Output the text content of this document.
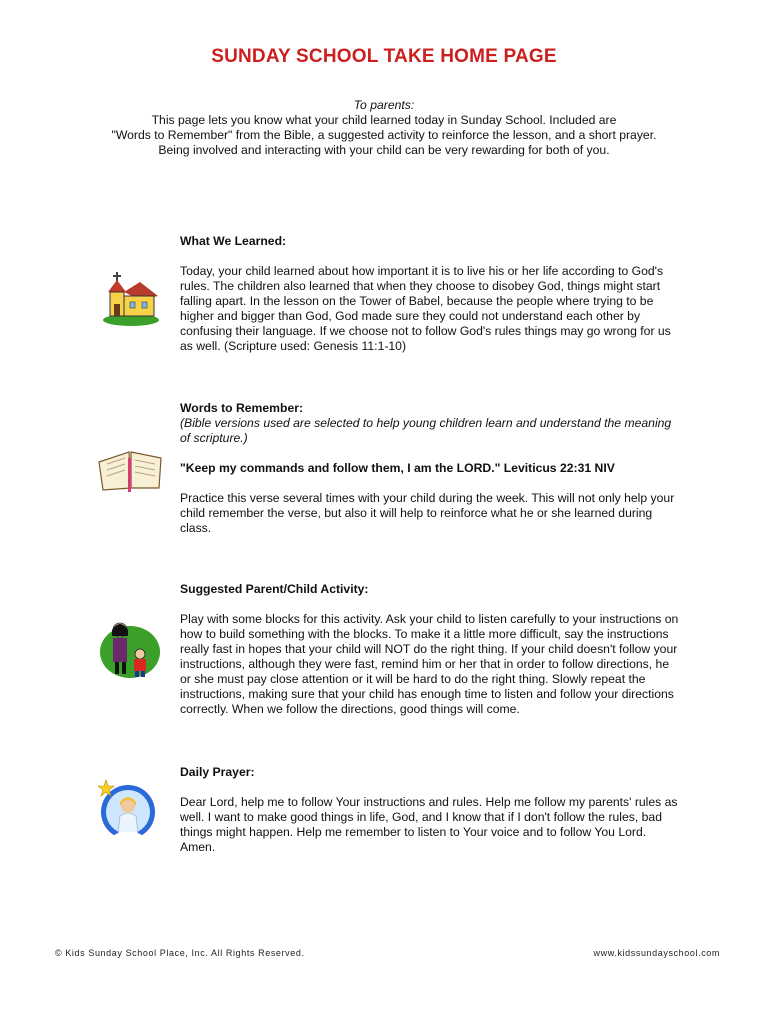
SUNDAY SCHOOL TAKE HOME PAGE
To parents:
This page lets you know what your child learned today in Sunday School. Included are
"Words to Remember" from the Bible, a suggested activity to reinforce the lesson, and a short prayer.
Being involved and interacting with your child can be very rewarding for both of you.
What We Learned:

Today, your child learned about how important it is to live his or her life according to God's rules. The children also learned that when they choose to disobey God, things might start falling apart. In the lesson on the Tower of Babel, because the people where trying to be higher and bigger than God, God made sure they could not understand each other by confusing their language. If we choose not to follow God's rules things may go wrong for us as well. (Scripture used: Genesis 11:1-10)

Words to Remember:
(Bible versions used are selected to help young children learn and understand the meaning of scripture.)
"Keep my commands and follow them, I am the LORD." Leviticus 22:31 NIV

Practice this verse several times with your child during the week. This will not only help your child remember the verse, but also it will help to reinforce what he or she learned during class.

Suggested Parent/Child Activity:

Play with some blocks for this activity. Ask your child to listen carefully to your instructions on how to build something with the blocks. To make it a little more difficult, say the instructions really fast in hopes that your child will NOT do the right thing. If your child doesn't follow your instructions, although they were fast, remind him or her that in order to follow directions, he or she must pay close attention or it will be hard to do the right thing. Slowly repeat the instructions, making sure that your child has enough time to listen and follow your directions correctly. When we follow the directions, good things will come.

Daily Prayer:

Dear Lord, help me to follow Your instructions and rules. Help me follow my parents' rules as well. I want to make good things in life, God, and I know that if I don't follow the rules, bad things might happen. Help me remember to listen to Your voice and to follow You Lord. Amen.

© Kids Sunday School Place, Inc. All Rights Reserved.	www.kidssundayschool.com
